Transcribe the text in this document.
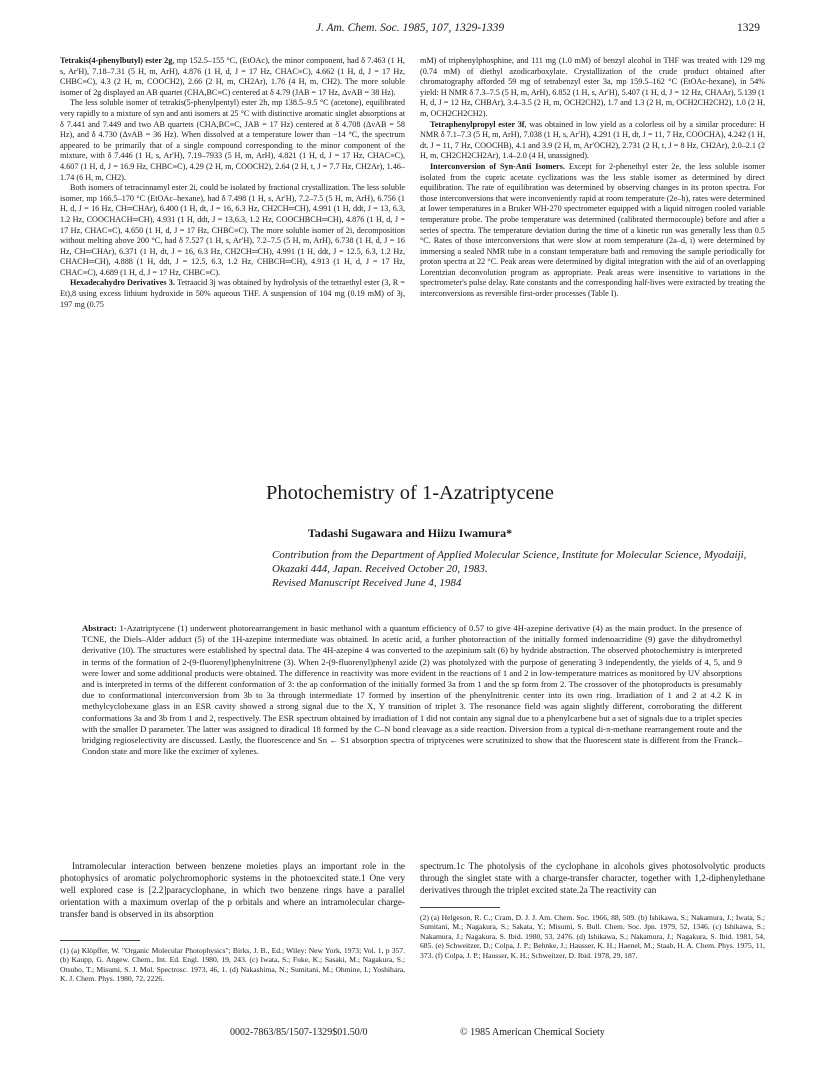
J. Am. Chem. Soc. 1985, 107, 1329-1339	1329

Tetrakis(4-phenylbutyl) ester 2g, mp 152.5–155 °C, (EtOAc), the minor component, had δ 7.463 (1 H, s, Ar′H), 7.18–7.31 (5 H, m, ArH), 4.876 (1 H, d, J = 17 Hz, CHAC≡C), 4.662 (1 H, d, J = 17 Hz, CHBC≡C), 4.3 (2 H, m, COOCH2), 2.66 (2 H, m, CH2Ar), 1.76 (4 H, m, CH2). The more soluble isomer of 2g displayed an AB quartet (CHA,BC≡C) centered at δ 4.79 (JAB = 17 Hz, ΔνAB = 38 Hz).

The less soluble isomer of tetrakis(5-phenylpentyl) ester 2h, mp 138.5–9.5 °C (acetone), equilibrated very rapidly to a mixture of syn and anti isomers at 25 °C with distinctive aromatic singlet absorptions at δ 7.441 and 7.449 and two AB quartets (CHA,BC≡C, JAB = 17 Hz) centered at δ 4.708 (ΔνAB = 58 Hz), and δ 4.730 (ΔνAB = 36 Hz). When dissolved at a temperature lower than −14 °C, the spectrum appeared to be primarily that of a single compound corresponding to the minor component of the mixture, with δ 7.446 (1 H, s, Ar′H), 7.19–7933 (5 H, m, ArH), 4.821 (1 H, d, J = 17 Hz, CHAC≡C), 4.607 (1 H, d, J = 16.9 Hz, CHBC≡C), 4.29 (2 H, m, COOCH2), 2.64 (2 H, t, J = 7.7 Hz, CH2Ar), 1.46–1.74 (6 H, m, CH2).

Both isomers of tetracinnamyl ester 2i, could be isolated by fractional crystallization. The less soluble isomer, mp 166.5–170 °C (EtOAc–hexane), had δ 7.498 (1 H, s, Ar′H), 7.2–7.5 (5 H, m, ArH), 6.756 (1 H, d, J = 16 Hz, CH═CHAr), 6.400 (1 H, dt, J = 16, 6.3 Hz, CH2CH═CH), 4.991 (1 H, ddt, J = 13, 6.3, 1.2 Hz, COOCHACH═CH), 4.931 (1 H, ddt, J = 13,6.3, 1.2 Hz, COOCHBCH═CH), 4.876 (1 H, d, J = 17 Hz, CHAC≡C), 4.650 (1 H, d, J = 17 Hz, CHBC≡C). The more soluble isomer of 2i, decomposition without melting above 200 °C, had δ 7.527 (1 H, s, Ar′H), 7.2–7.5 (5 H, m, ArH), 6.738 (1 H, d, J = 16 Hz, CH═CHAr), 6.371 (1 H, dt, J = 16, 6.3 Hz, CH2CH═CH), 4.991 (1 H, ddt, J = 12.5, 6.3, 1.2 Hz, CHACH═CH), 4.888 (1 H, ddt, J = 12.5, 6.3, 1.2 Hz, CHBCH═CH), 4.913 (1 H, d, J = 17 Hz, CHAC≡C), 4.689 (1 H, d, J = 17 Hz, CHBC≡C).

Hexadecahydro Derivatives 3. Tetraacid 3j was obtained by hydrolysis of the tetraethyl ester (3, R = Et),8 using excess lithium hydroxide in 50% aqueous THF. A suspension of 104 mg (0.19 mM) of 3j, 197 mg (0.75

mM) of triphenylphosphine, and 111 mg (1.0 mM) of benzyl alcohol in THF was treated with 129 mg (0.74 mM) of diethyl azodicarboxylate. Crystallization of the crude product obtained after chromatography afforded 59 mg of tetrabenzyl ester 3a, mp 159.5–162 °C (EtOAc-hexane), in 54% yield: H NMR δ 7.3–7.5 (5 H, m, ArH), 6.852 (1 H, s, Ar′H), 5.407 (1 H, d, J = 12 Hz, CHAAr), 5.139 (1 H, d, J = 12 Hz, CHBAr), 3.4–3.5 (2 H, m, OCH2CH2), 1.7 and 1.3 (2 H, m, OCH2CH2CH2), 1.0 (2 H, m, OCH2CH2CH2).

Tetraphenylpropyl ester 3f, was obtained in low yield as a colorless oil by a similar procedure: H NMR δ 7.1–7.3 (5 H, m, ArH), 7.038 (1 H, s, Ar′H), 4.291 (1 H, dt, J = 11, 7 Hz, COOCHA), 4.242 (1 H, dt. J = 11, 7 Hz, COOCHB), 4.1 and 3.9 (2 H, m, Ar′OCH2), 2.731 (2 H, t, J = 8 Hz, CH2Ar), 2.0–2.1 (2 H, m, CH2CH2CH2Ar), 1.4–2.0 (4 H, unassigned).

Interconversion of Syn-Anti Isomers. Except for 2-phenethyl ester 2e, the less soluble isomer isolated from the cupric acetate cyclizations was the less stable isomer as determined by direct equilibration. The rate of equilibration was determined by observing changes in its proton spectra. For those interconversions that were inconveniently rapid at room temperature (2e–h), rates were determined at lower temperatures in a Bruker WH-270 spectrometer equipped with a liquid nitrogen cooled variable temperature probe. The probe temperature was determined (calibrated thermocouple) before and after a series of spectra. The temperature deviation during the time of a kinetic run was generally less than 0.5 °C. Rates of those interconversions that were slow at room temperature (2a–d, i) were determined by immersing a sealed NMR tube in a constant temperature bath and removing the sample periodically for proton spectra at 22 °C. Peak areas were determined by digital integration with the aid of an overlapping Lorentzian deconvolution program as appropriate. Peak areas were insensitive to variations in the spectrometer's pulse delay. Rate constants and the corresponding half-lives were extracted by treating the interconversions as reversible first-order processes (Table I).

Photochemistry of 1-Azatriptycene
Tadashi Sugawara and Hiizu Iwamura*
Contribution from the Department of Applied Molecular Science, Institute for Molecular Science, Myodaiji, Okazaki 444, Japan. Received October 20, 1983.
Revised Manuscript Received June 4, 1984
Abstract: 1-Azatriptycene (1) underwent photorearrangement in basic methanol with a quantum efficiency of 0.57 to give 4H-azepine derivative (4) as the main product. In the presence of TCNE, the Diels–Alder adduct (5) of the 1H-azepine intermediate was obtained. In acetic acid, a further photoreaction of the initially formed indenoacridine (9) gave the dihydromethyl derivative (10). The structures were established by spectral data. The 4H-azepine 4 was converted to the azepinium salt (6) by hydride abstraction. The observed photochemistry is interpreted in terms of the formation of 2-(9-fluorenyl)phenylnitrene (3). When 2-(9-fluorenyl)phenyl azide (2) was photolyzed with the purpose of generating 3 independently, the yields of 4, 5, and 9 were lower and some additional products were obtained. The difference in reactivity was more evident in the reactions of 1 and 2 in low-temperature matrices as monitored by UV absorptions and is interpreted in terms of the different conformation of 3: the ap conformation of the initially formed 3a from 1 and the sp form from 2. The crossover of the photoproducts is presumably due to conformational interconversion from 3b to 3a through intermediate 17 formed by insertion of the phenylnitrenic center into its own ring. Irradiation of 1 and 2 at 4.2 K in methylcyclohexane glass in an ESR cavity showed a strong signal due to the X, Y transition of triplet 3. The resonance field was again slightly different, corroborating the different conformations 3a and 3b from 1 and 2, respectively. The ESR spectrum obtained by irradiation of 1 did not contain any signal due to a phenylcarbene but a set of signals due to a triplet species with the smaller D parameter. The latter was assigned to diradical 18 formed by the C–N bond cleavage as a side reaction. Diversion from a typical di-π-methane rearrangement route and the bridging regioselectivity are discussed. Lastly, the fluorescence and Sn ← S1 absorption spectra of triptycenes were scrutinized to show that the fluorescent state is different from the Franck–Condon state and more like the excimer of xylenes.
Intramolecular interaction between benzene moieties plays an important role in the photophysics of aromatic polychromophoric systems in the photoexcited state.1 One very well explored case is [2.2]paracyclophane, in which two benzene rings have a parallel orientation with a maximum overlap of the p orbitals and where an intramolecular charge-transfer band is observed in its absorption
spectrum.1c The photolysis of the cyclophane in alcohols gives photosolvolytic products through the singlet state with a charge-transfer character, together with 1,2-diphenylethane derivatives through the triplet excited state.2a The reactivity can
(1) (a) Klöpffer, W. "Organic Molecular Photophysics"; Birks, J. B., Ed.; Wiley: New York, 1973; Vol. 1, p 357. (b) Kaupp, G. Angew. Chem., Int. Ed. Engl. 1980, 19, 243. (c) Iwata, S.; Fuke, K.; Sasaki, M.; Nagakura, S.; Otsubo, T.; Misumi, S. J. Mol. Spectrosc. 1973, 46, 1. (d) Nakashima, N.; Sumitani, M.; Ohmine, I.; Yoshihara, K. J. Chem. Phys. 1980, 72, 2226.
(2) (a) Helgeson, R. C.; Cram, D. J. J. Am. Chem. Soc. 1966, 88, 509. (b) Ishikawa, S.; Nakamura, J.; Iwata, S.; Sumitani, M.; Nagakura, S.; Sakata, Y.; Misumi, S. Bull. Chem. Soc. Jpn. 1979, 52, 1346. (c) Ishikawa, S.; Nakamura, J.; Nagakura, S. Ibid. 1980, 53, 2476. (d) Ishikawa, S.; Nakamura, J.; Nagakura, S. Ibid. 1981, 54, 685. (e) Schweitzer, D.; Colpa, J. P.; Behnke, J.; Hausser, K. H.; Haenel, M.; Staab, H. A. Chem. Phys. 1975, 11, 373. (f) Colpa, J. P.; Hausser, K. H.; Schweitzer, D. Ibid. 1978, 29, 187.
0002-7863/85/1507-1329$01.50/0	© 1985 American Chemical Society
